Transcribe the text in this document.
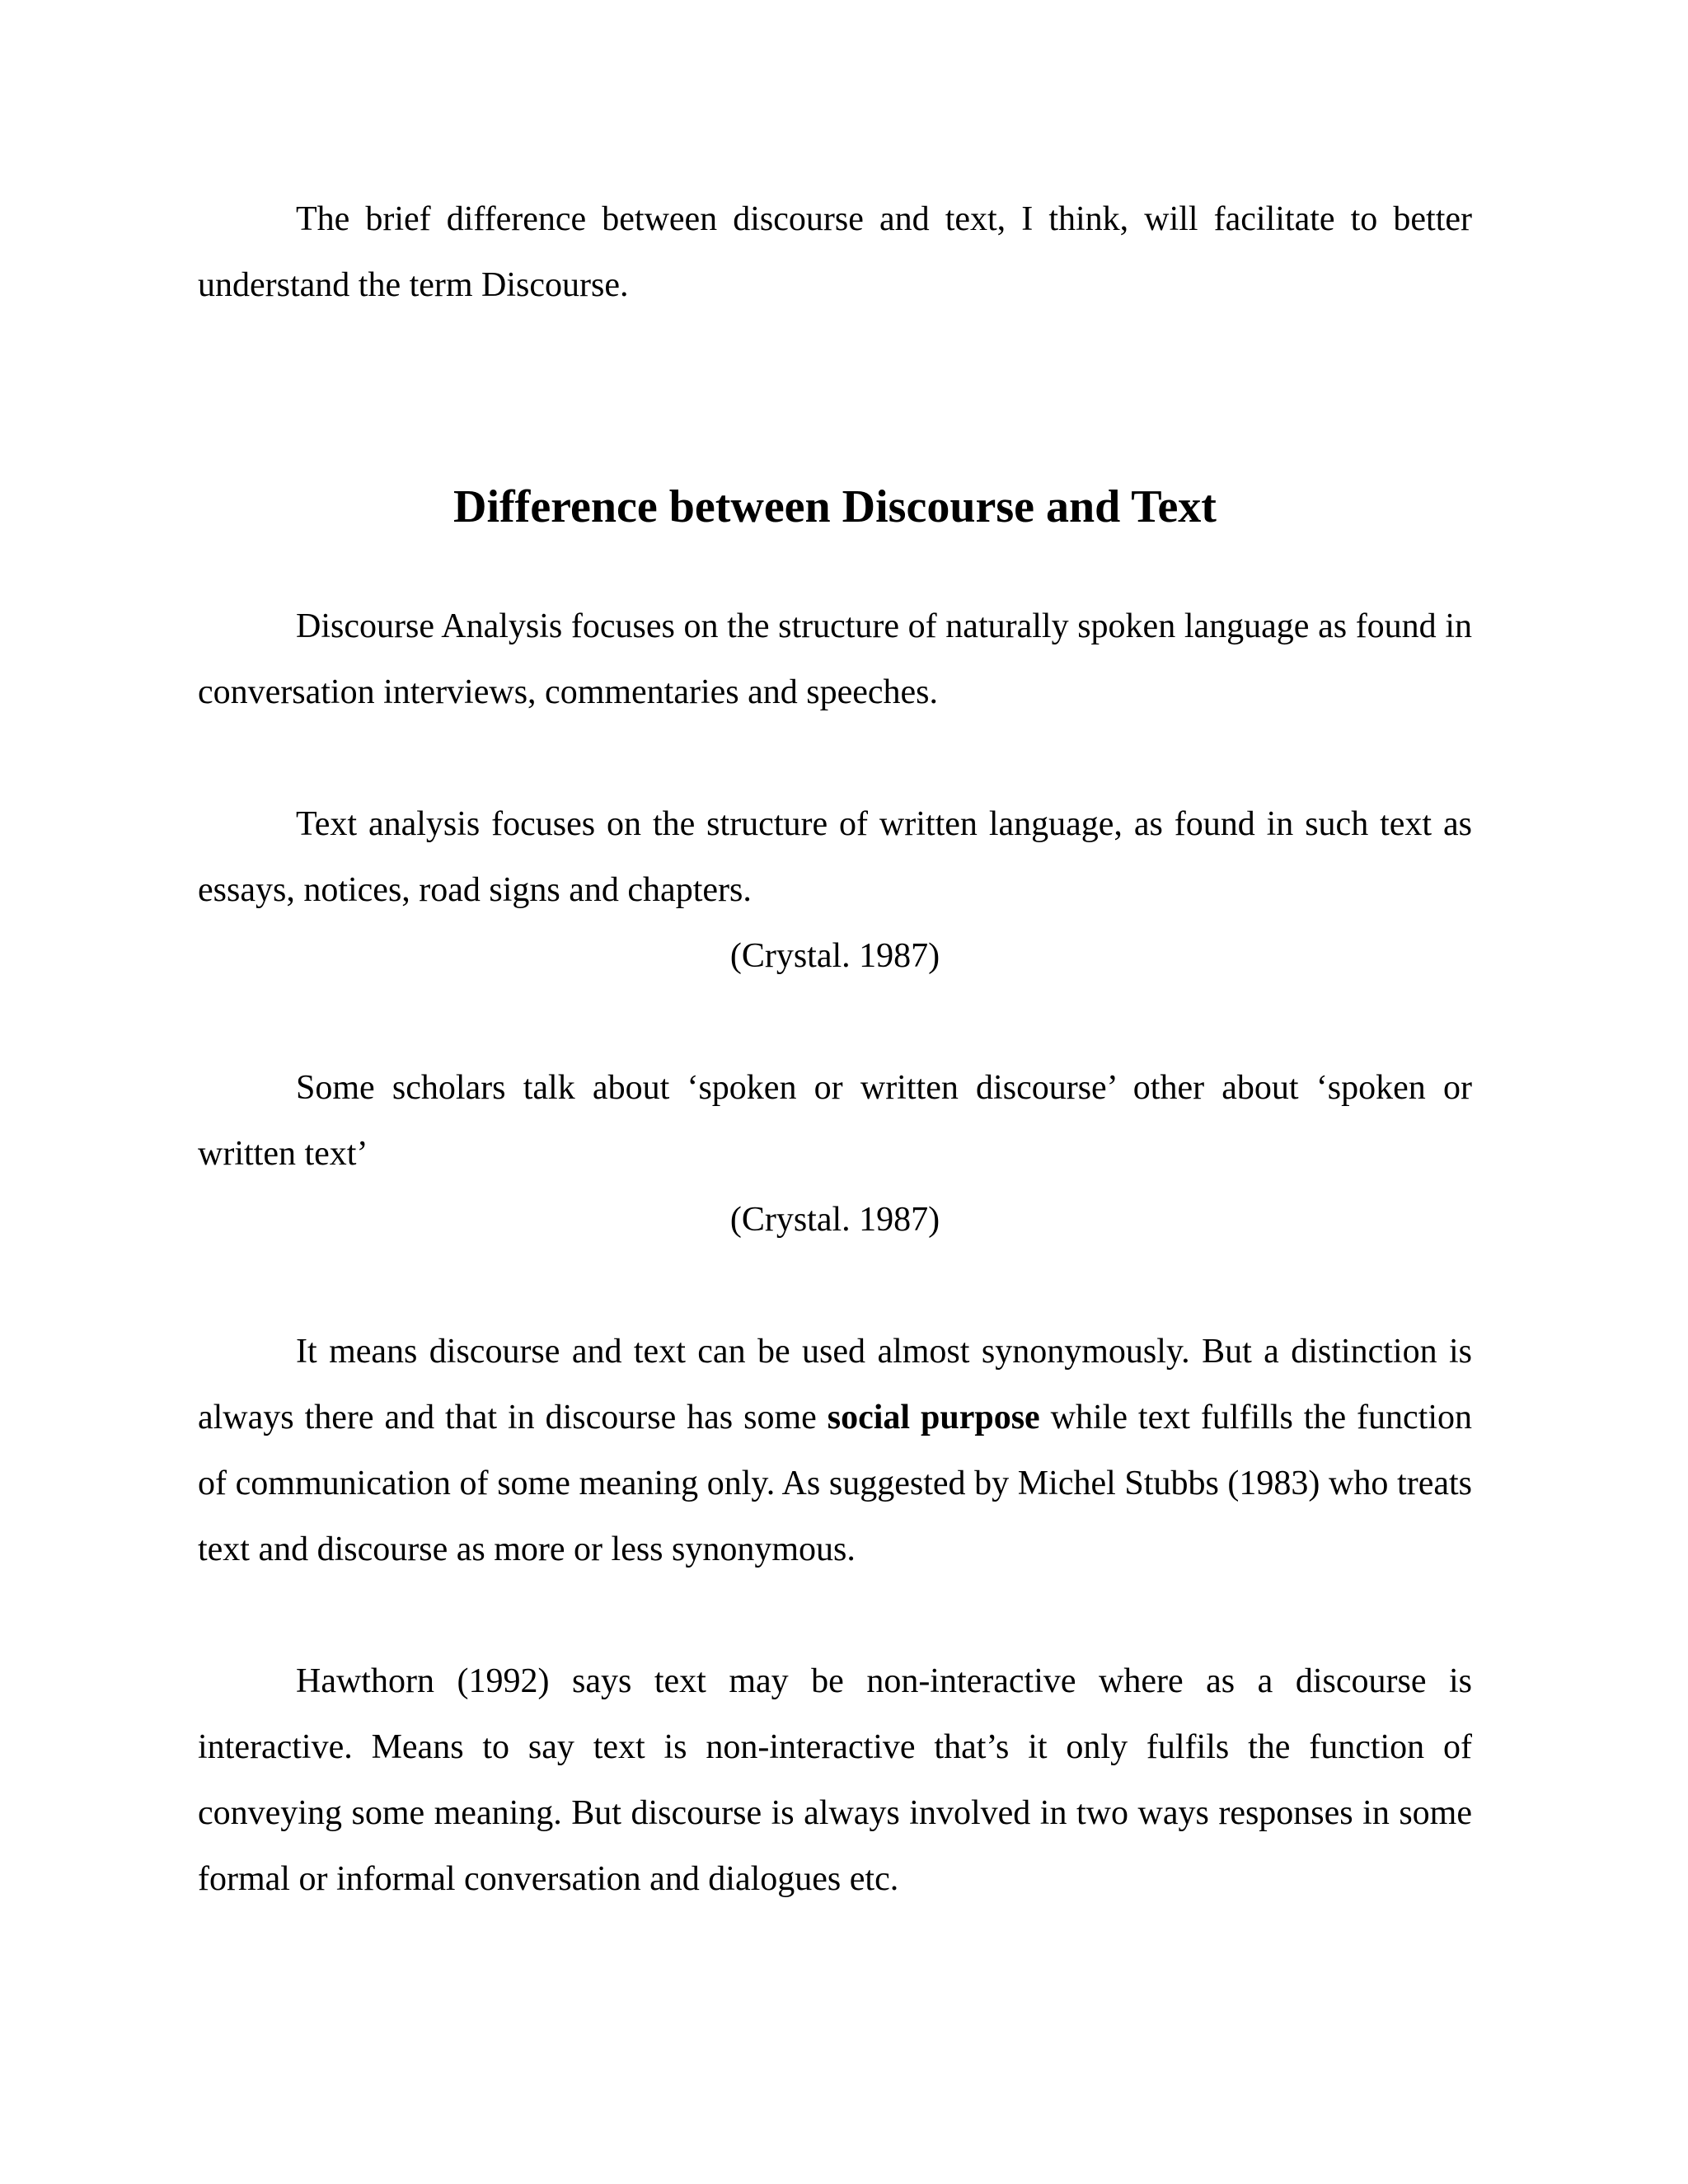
The brief difference between discourse and text, I think, will facilitate to better understand the term Discourse.

Difference between Discourse and Text

Discourse Analysis focuses on the structure of naturally spoken language as found in conversation interviews, commentaries and speeches.

Text analysis focuses on the structure of written language, as found in such text as essays, notices, road signs and chapters.

(Crystal. 1987)

Some scholars talk about ‘spoken or written discourse’ other about ‘spoken or written text’

(Crystal. 1987)

It means discourse and text can be used almost synonymously. But a distinction is always there and that in discourse has some social purpose while text fulfills the function of communication of some meaning only. As suggested by Michel Stubbs (1983) who treats text and discourse as more or less synonymous.

Hawthorn (1992) says text may be non-interactive where as a discourse is interactive. Means to say text is non-interactive that’s it only fulfils the function of conveying some meaning. But discourse is always involved in two ways responses in some formal or informal conversation and dialogues etc.
